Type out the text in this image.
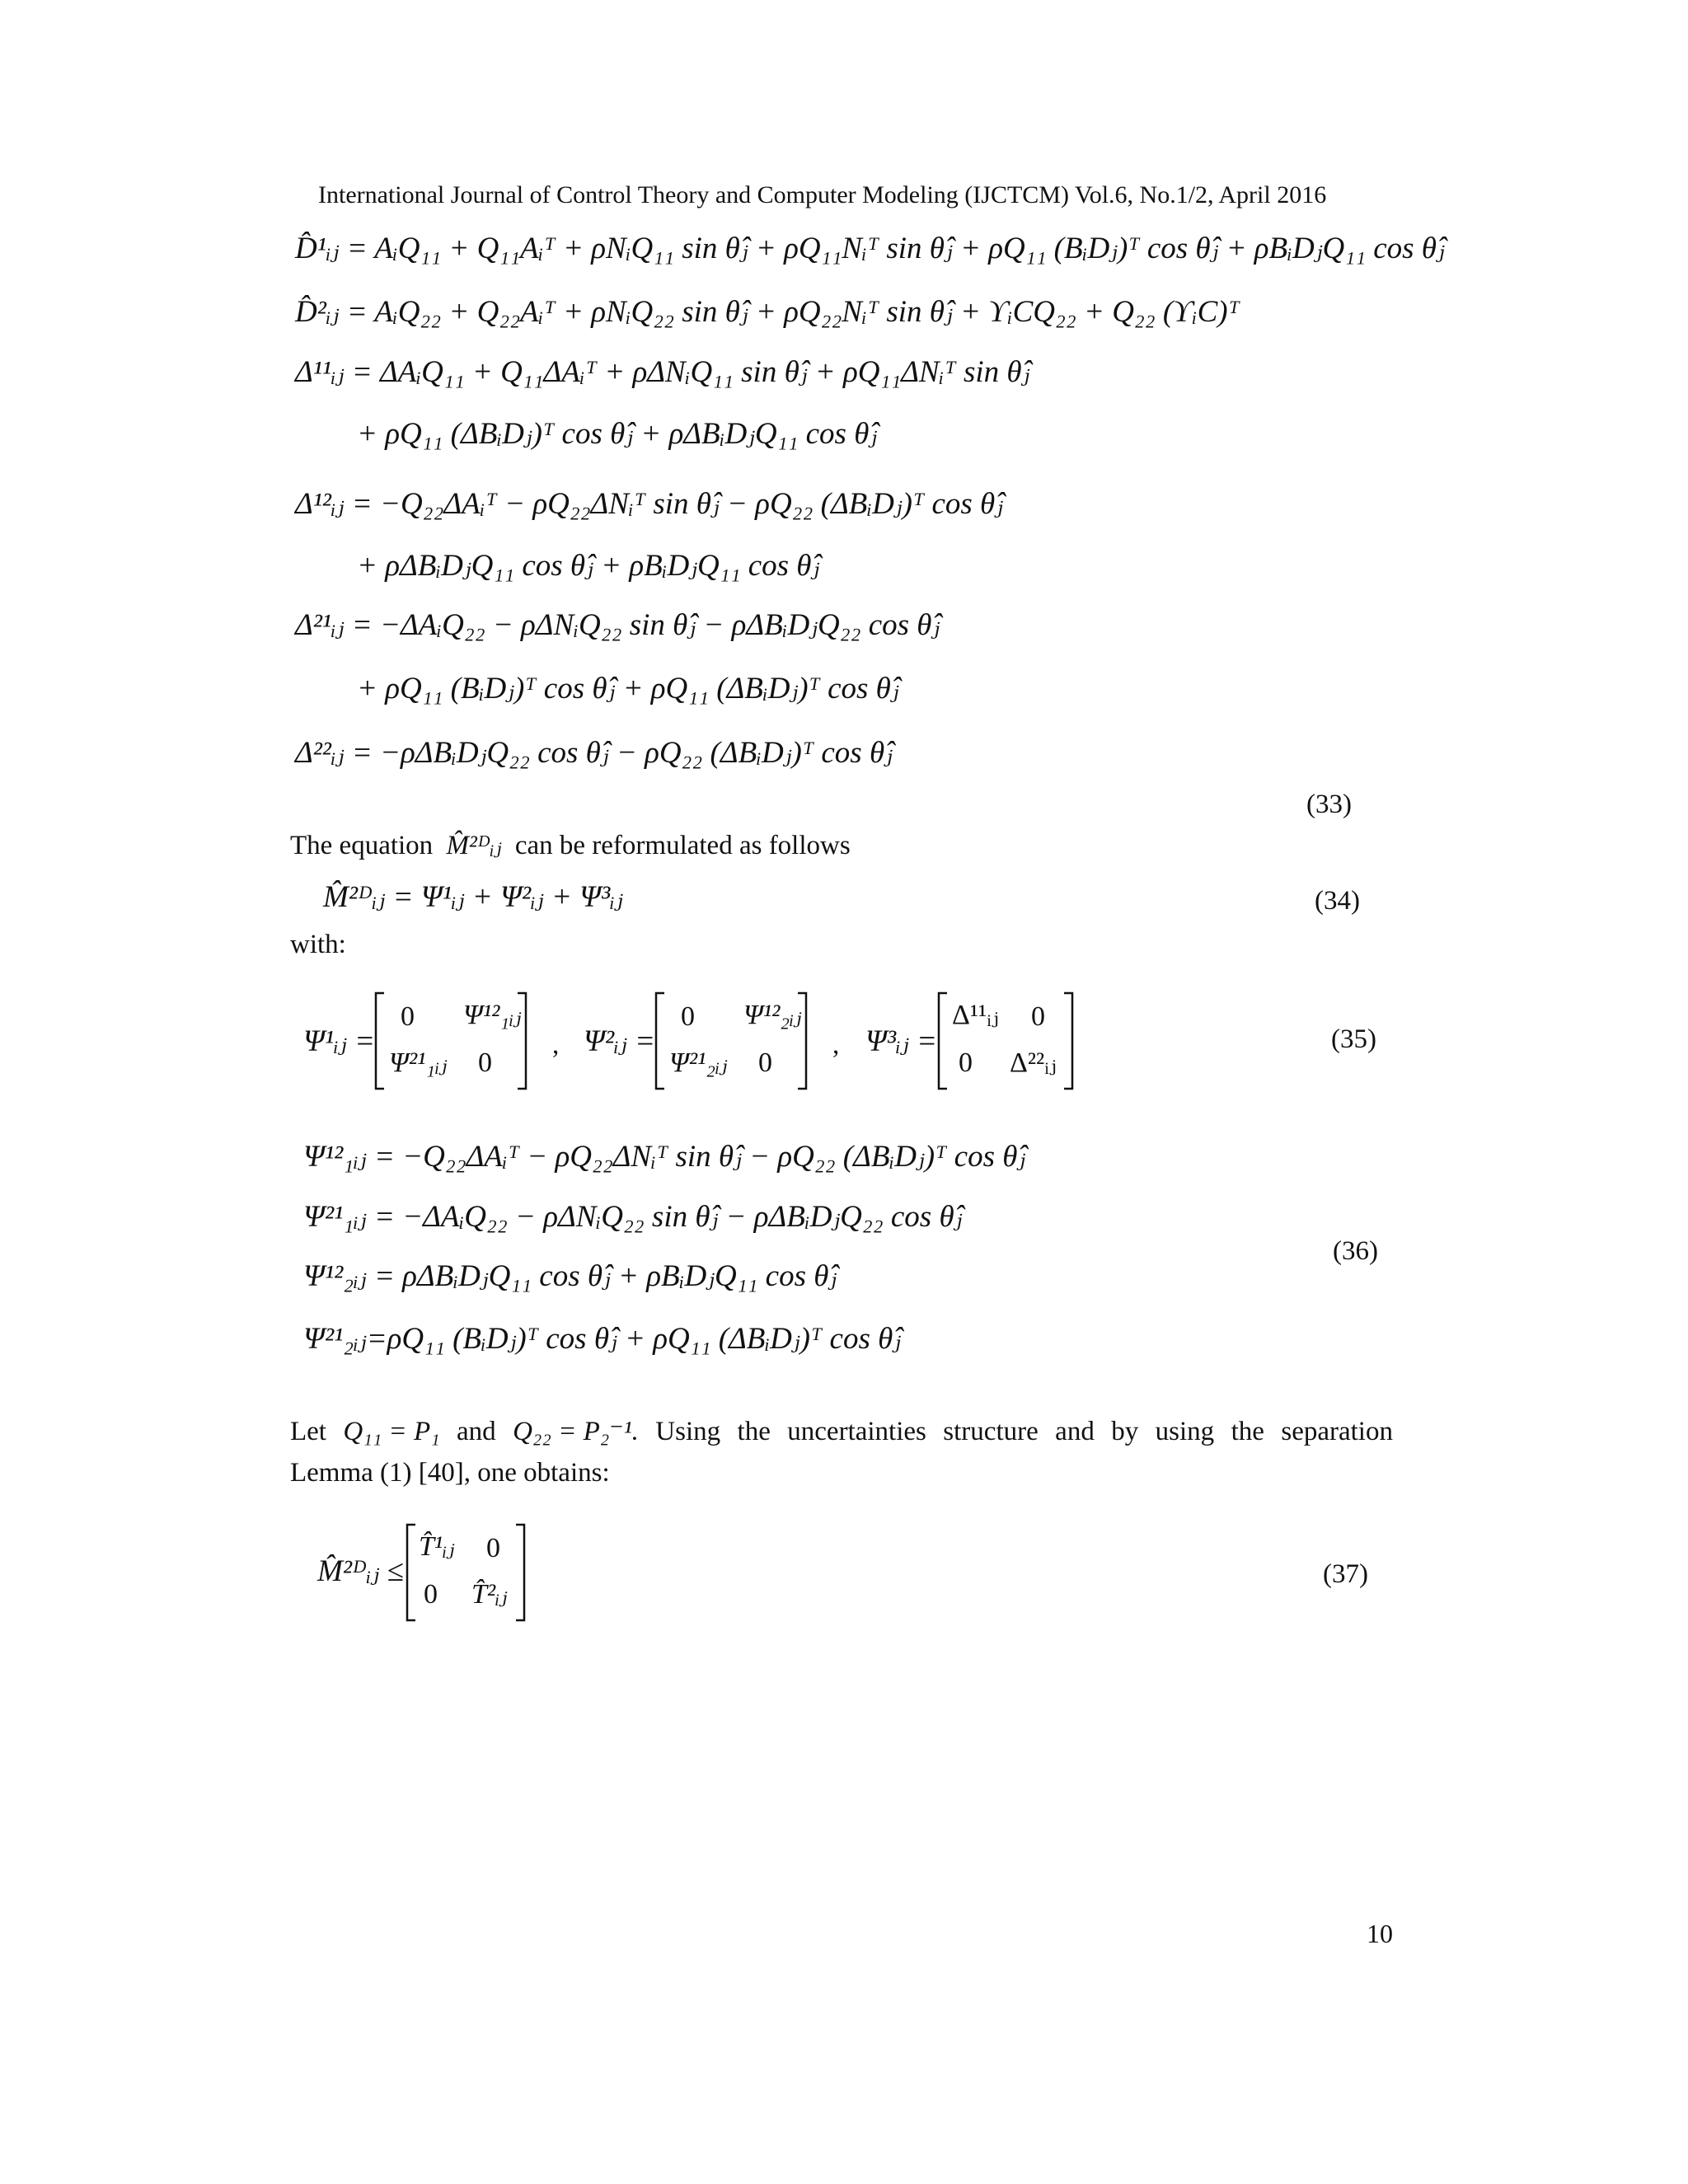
International Journal of Control Theory and Computer Modeling (IJCTCM) Vol.6, No.1/2, April 2016
D̂¹ᵢⱼ = AᵢQ₁₁ + Q₁₁Aᵢᵀ + ρNᵢQ₁₁ sin θ̂ⱼ + ρQ₁₁Nᵢᵀ sin θ̂ⱼ + ρQ₁₁ (BᵢDⱼ)ᵀ cos θ̂ⱼ + ρBᵢDⱼQ₁₁ cos θ̂ⱼ
D̂²ᵢⱼ = AᵢQ₂₂ + Q₂₂Aᵢᵀ + ρNᵢQ₂₂ sin θ̂ⱼ + ρQ₂₂Nᵢᵀ sin θ̂ⱼ + ϒᵢCQ₂₂ + Q₂₂ (ϒᵢC)ᵀ
Δ¹¹ᵢⱼ = ΔAᵢQ₁₁ + Q₁₁ΔAᵢᵀ + ρΔNᵢQ₁₁ sin θ̂ⱼ + ρQ₁₁ΔNᵢᵀ sin θ̂ⱼ
+ ρQ₁₁ (ΔBᵢDⱼ)ᵀ cos θ̂ⱼ + ρΔBᵢDⱼQ₁₁ cos θ̂ⱼ
Δ¹²ᵢⱼ = −Q₂₂ΔAᵢᵀ − ρQ₂₂ΔNᵢᵀ sin θ̂ⱼ − ρQ₂₂ (ΔBᵢDⱼ)ᵀ cos θ̂ⱼ
+ ρΔBᵢDⱼQ₁₁ cos θ̂ⱼ + ρBᵢDⱼQ₁₁ cos θ̂ⱼ
Δ²¹ᵢⱼ = −ΔAᵢQ₂₂ − ρΔNᵢQ₂₂ sin θ̂ⱼ − ρΔBᵢDⱼQ₂₂ cos θ̂ⱼ
+ ρQ₁₁ (BᵢDⱼ)ᵀ cos θ̂ⱼ + ρQ₁₁ (ΔBᵢDⱼ)ᵀ cos θ̂ⱼ
Δ²²ᵢⱼ = −ρΔBᵢDⱼQ₂₂ cos θ̂ⱼ − ρQ₂₂ (ΔBᵢDⱼ)ᵀ cos θ̂ⱼ
(33)
The equation M̂²ᴰᵢⱼ can be reformulated as follows
M̂²ᴰᵢⱼ = Ψ¹ᵢⱼ + Ψ²ᵢⱼ + Ψ³ᵢⱼ	(34)
with:
Ψ¹ᵢⱼ =
0 Ψ¹²₁ᵢⱼ
Ψ²¹₁ᵢⱼ 0
, Ψ²ᵢⱼ =
0 Ψ¹²₂ᵢⱼ
Ψ²¹₂ᵢⱼ 0
, Ψ³ᵢⱼ =
Δ¹¹ᵢⱼ 0
0 Δ²²ᵢⱼ
(35)
Ψ¹²₁ᵢⱼ = −Q₂₂ΔAᵢᵀ − ρQ₂₂ΔNᵢᵀ sin θ̂ⱼ − ρQ₂₂ (ΔBᵢDⱼ)ᵀ cos θ̂ⱼ
Ψ²¹₁ᵢⱼ = −ΔAᵢQ₂₂ − ρΔNᵢQ₂₂ sin θ̂ⱼ − ρΔBᵢDⱼQ₂₂ cos θ̂ⱼ
Ψ¹²₂ᵢⱼ = ρΔBᵢDⱼQ₁₁ cos θ̂ⱼ + ρBᵢDⱼQ₁₁ cos θ̂ⱼ
Ψ²¹₂ᵢⱼ=ρQ₁₁ (BᵢDⱼ)ᵀ cos θ̂ⱼ + ρQ₁₁ (ΔBᵢDⱼ)ᵀ cos θ̂ⱼ
(36)
Let Q₁₁ = P₁ and Q₂₂ = P₂⁻¹. Using the uncertainties structure and by using the separation
Lemma (1) [40], one obtains:
M̂²ᴰᵢⱼ ≤
T̂¹ᵢⱼ 0
0 T̂²ᵢⱼ
(37)
10
